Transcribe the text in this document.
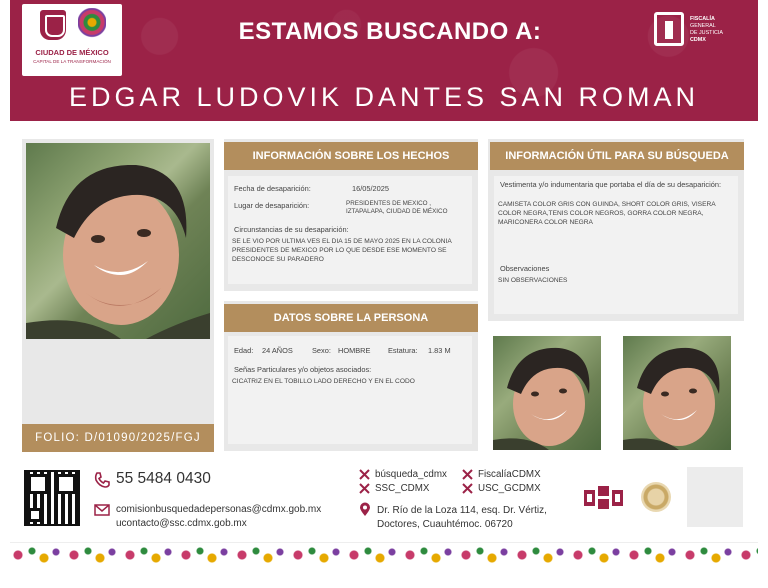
CIUDAD DE MÉXICO
CAPITAL DE LA TRANSFORMACIÓN
ESTAMOS BUSCANDO A:	FISCALÍA
GENERAL
DE JUSTICIA
CDMX
EDGAR LUDOVIK DANTES SAN ROMAN
FOLIO: D/01090/2025/FGJ
INFORMACIÓN SOBRE LOS HECHOS
Fecha de desaparición:	16/05/2025
Lugar de desaparición:	PRESIDENTES DE MEXICO , IZTAPALAPA, CIUDAD DE MÉXICO
Circunstancias de su desaparición:
SE LE VIO POR ULTIMA VES EL DIA 15 DE MAYO 2025 EN LA COLONIA PRESIDENTES DE MEXICO POR LO QUE DESDE ESE MOMENTO SE DESCONOCE SU PARADERO
DATOS SOBRE LA PERSONA
Edad: 24 AÑOS	Sexo: HOMBRE Estatura: 1.83 M
Señas Particulares y/o objetos asociados:
CICATRIZ EN EL TOBILLO LADO DERECHO Y EN EL CODO
INFORMACIÓN ÚTIL PARA SU BÚSQUEDA
Vestimenta y/o indumentaria que portaba el día de su desaparición:
CAMISETA COLOR GRIS CON GUINDA, SHORT COLOR GRIS, VISERA COLOR NEGRA,TENIS COLOR NEGROS, GORRA COLOR NEGRA, MARICONERA COLOR NEGRA
Observaciones
SIN OBSERVACIONES
55 5484 0430
comisionbusquedadepersonas@cdmx.gob.mx
ucontacto@ssc.cdmx.gob.mx
búsqueda_cdmx	FiscalíaCDMX
SSC_CDMX	USC_GCDMX
Dr. Río de la Loza 114, esq. Dr. Vértiz,
Doctores, Cuauhtémoc. 06720
